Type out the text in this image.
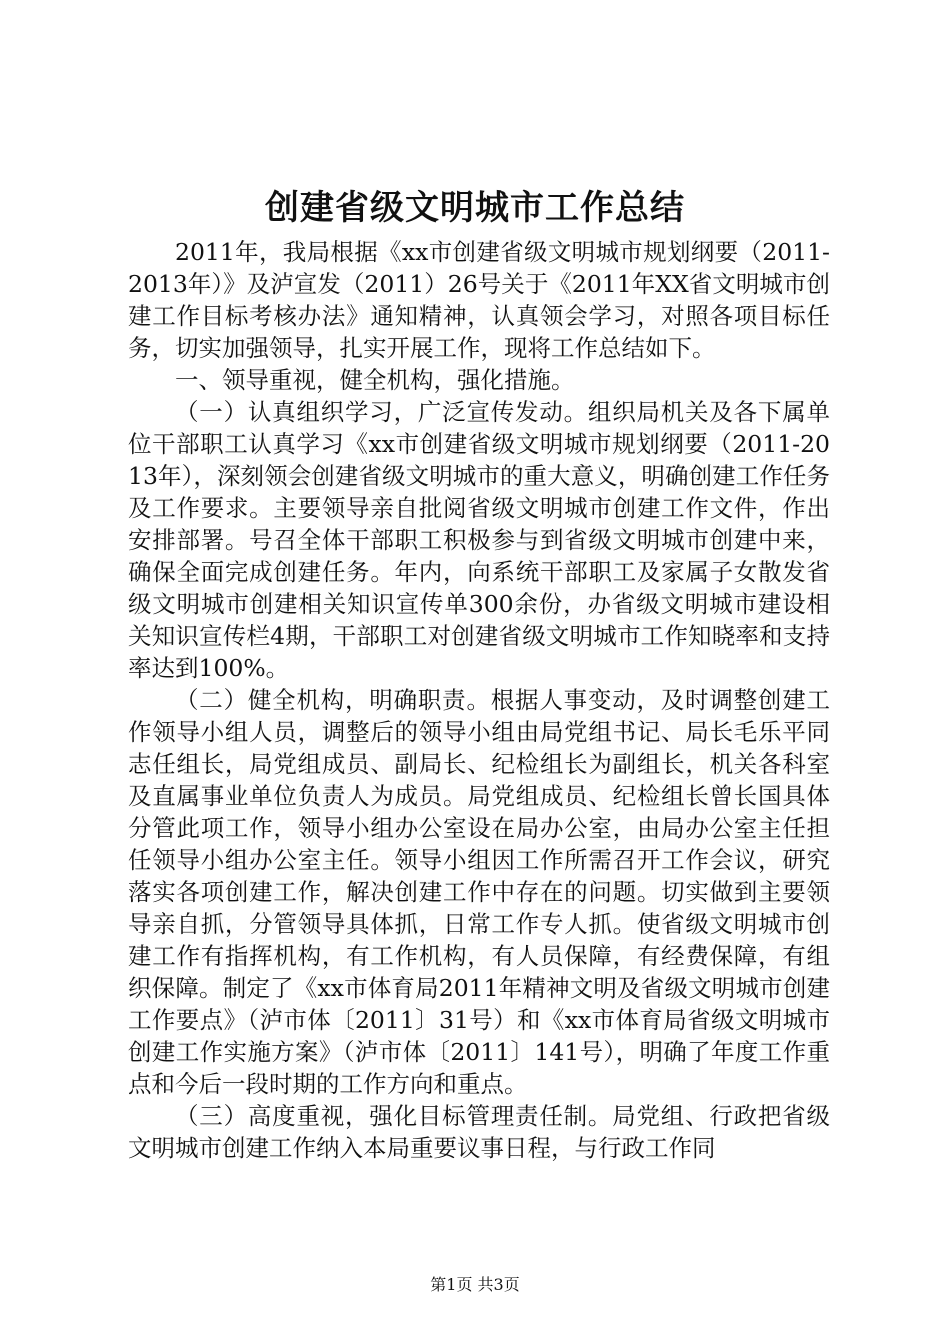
创建省级文明城市工作总结

2011年，我局根据《xx市创建省级文明城市规划纲要（2011-2013年）》及泸宣发（2011）26号关于《2011年XX省文明城市创建工作目标考核办法》通知精神，认真领会学习，对照各项目标任务，切实加强领导，扎实开展工作，现将工作总结如下。

一、领导重视，健全机构，强化措施。

（一）认真组织学习，广泛宣传发动。组织局机关及各下属单位干部职工认真学习《xx市创建省级文明城市规划纲要（2011-2013年），深刻领会创建省级文明城市的重大意义，明确创建工作任务及工作要求。主要领导亲自批阅省级文明城市创建工作文件，作出安排部署。号召全体干部职工积极参与到省级文明城市创建中来，确保全面完成创建任务。年内，向系统干部职工及家属子女散发省级文明城市创建相关知识宣传单300余份，办省级文明城市建设相关知识宣传栏4期，干部职工对创建省级文明城市工作知晓率和支持率达到100%。

（二）健全机构，明确职责。根据人事变动，及时调整创建工作领导小组人员，调整后的领导小组由局党组书记、局长毛乐平同志任组长，局党组成员、副局长、纪检组长为副组长，机关各科室及直属事业单位负责人为成员。局党组成员、纪检组长曾长国具体分管此项工作，领导小组办公室设在局办公室，由局办公室主任担任领导小组办公室主任。领导小组因工作所需召开工作会议，研究落实各项创建工作，解决创建工作中存在的问题。切实做到主要领导亲自抓，分管领导具体抓，日常工作专人抓。使省级文明城市创建工作有指挥机构，有工作机构，有人员保障，有经费保障，有组织保障。制定了《xx市体育局2011年精神文明及省级文明城市创建工作要点》（泸市体〔2011〕31号）和《xx市体育局省级文明城市创建工作实施方案》（泸市体〔2011〕141号），明确了年度工作重点和今后一段时期的工作方向和重点。

（三）高度重视，强化目标管理责任制。局党组、行政把省级文明城市创建工作纳入本局重要议事日程，与行政工作同

第1页 共3页
